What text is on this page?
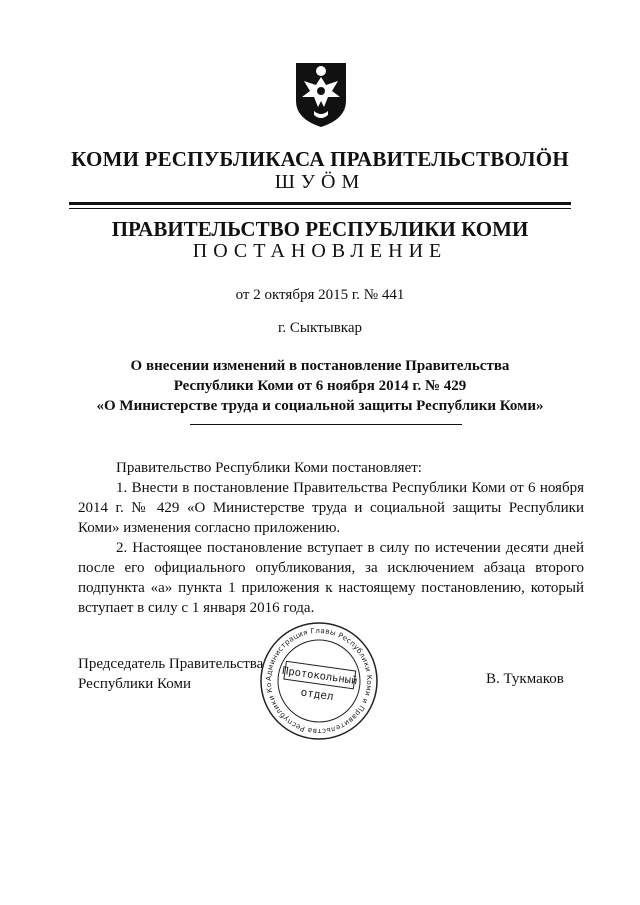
КОМИ РЕСПУБЛИКАСА ПРАВИТЕЛЬСТВОЛÖН
ШУÖМ
ПРАВИТЕЛЬСТВО РЕСПУБЛИКИ КОМИ
ПОСТАНОВЛЕНИЕ
от 2 октября 2015 г. № 441
г. Сыктывкар
О внесении изменений в постановление Правительства
Республики Коми от 6 ноября 2014 г. № 429
«О Министерстве труда и социальной защиты Республики Коми»

Правительство Республики Коми постановляет:

1. Внести в постановление Правительства Республики Коми от 6 ноября 2014 г. № 429 «О Министерстве труда и социальной защиты Республики Коми» изменения согласно приложению.

2. Настоящее постановление вступает в силу по истечении десяти дней после его официального опубликования, за исключением абзаца второго подпункта «а» пункта 1 приложения к настоящему постановлению, который вступает в силу с 1 января 2016 года.

Председатель Правительства
Республики Коми	В. Тукмаков
Администрация Главы Республики Коми и Правительства Республики Ко Протокольный
отдел
